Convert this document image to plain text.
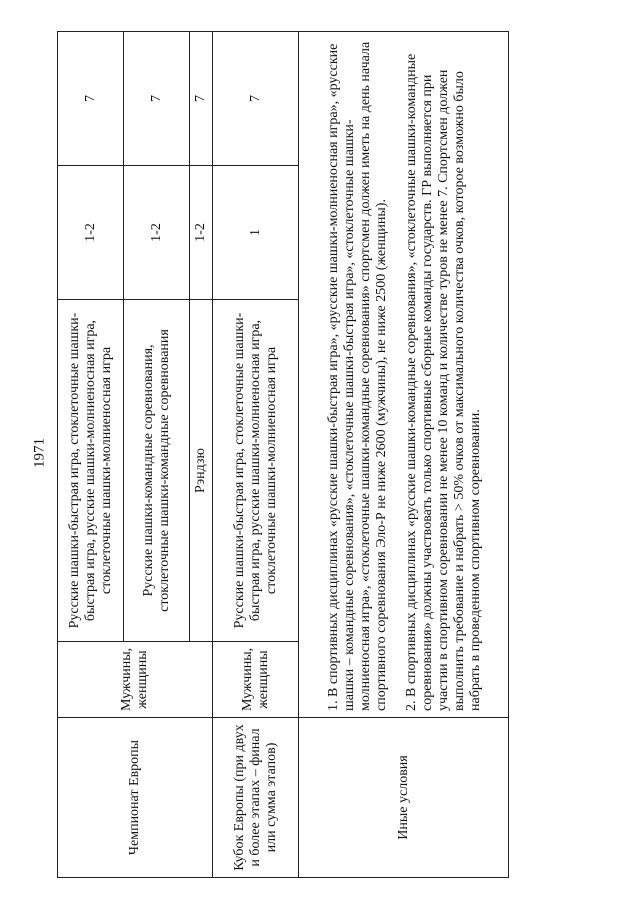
1971
Чемпионат Европы	Мужчины, женщины	Русские шашки-быстрая игра, стоклеточные шашки-быстрая игра, русские шашки-молниеносная игра, стоклеточные шашки-молниеносная игра	1-2	7
		Русские шашки-командные соревнования, стоклеточные шашки-командные соревнования	1-2	7
		Рэндзю	1-2	7
Кубок Европы (при двух и более этапах – финал или сумма этапов)	Мужчины, женщины	Русские шашки-быстрая игра, стоклеточные шашки-быстрая игра, русские шашки-молниеносная игра, стоклеточные шашки-молниеносная игра	1	7
Иные условия	1. В спортивных дисциплинах «русские шашки-быстрая игра», «русские шашки-молниеносная игра», «русские шашки – командные соревнования», «стоклеточные шашки-быстрая игра», «стоклеточные шашки-молниеносная игра», «стоклеточные шашки-командные соревнования» спортсмен должен иметь на день начала спортивного соревнования Эло-Р не ниже 2600 (мужчины), не ниже 2500 (женщины). 2. В спортивных дисциплинах «русские шашки-командные соревнования», «стоклеточные шашки-командные соревнования» должны участвовать только спортивные сборные команды государств. ГР выполняется при участии в спортивном соревновании не менее 10 команд и количестве туров не менее 7. Спортсмен должен выполнить требование и набрать > 50% очков от максимального количества очков, которое возможно было набрать в проведенном спортивном соревновании.			
